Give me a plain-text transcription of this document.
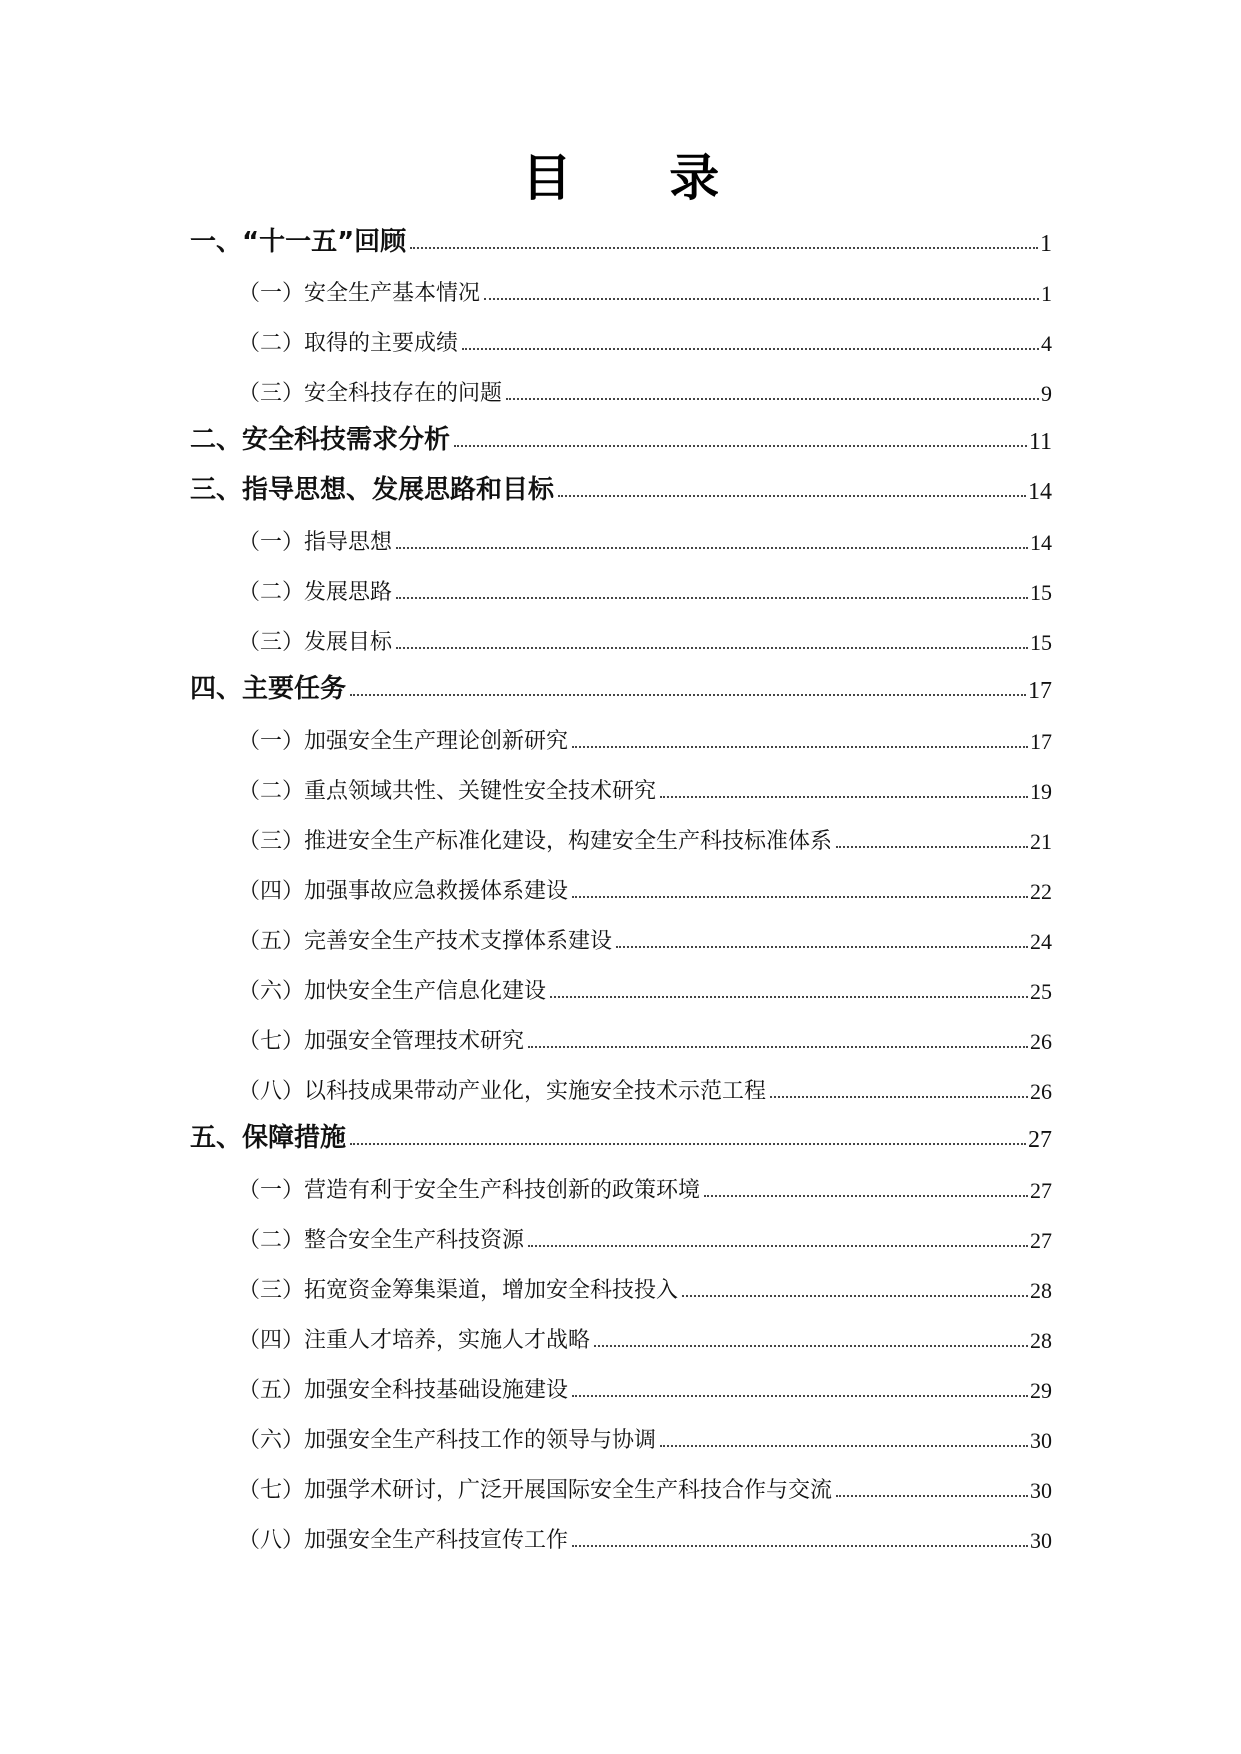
目 录
一、“十一五”回顾	1
（一）安全生产基本情况	1
（二）取得的主要成绩	4
（三）安全科技存在的问题	9
二、安全科技需求分析	11
三、指导思想、发展思路和目标	14
（一）指导思想	14
（二）发展思路	15
（三）发展目标	15
四、主要任务	17
（一）加强安全生产理论创新研究	17
（二）重点领域共性、关键性安全技术研究	19
（三）推进安全生产标准化建设，构建安全生产科技标准体系	21
（四）加强事故应急救援体系建设	22
（五）完善安全生产技术支撑体系建设	24
（六）加快安全生产信息化建设	25
（七）加强安全管理技术研究	26
（八）以科技成果带动产业化，实施安全技术示范工程	26
五、保障措施	27
（一）营造有利于安全生产科技创新的政策环境	27
（二）整合安全生产科技资源	27
（三）拓宽资金筹集渠道，增加安全科技投入	28
（四）注重人才培养，实施人才战略	28
（五）加强安全科技基础设施建设	29
（六）加强安全生产科技工作的领导与协调	30
（七）加强学术研讨，广泛开展国际安全生产科技合作与交流	30
（八）加强安全生产科技宣传工作	30
